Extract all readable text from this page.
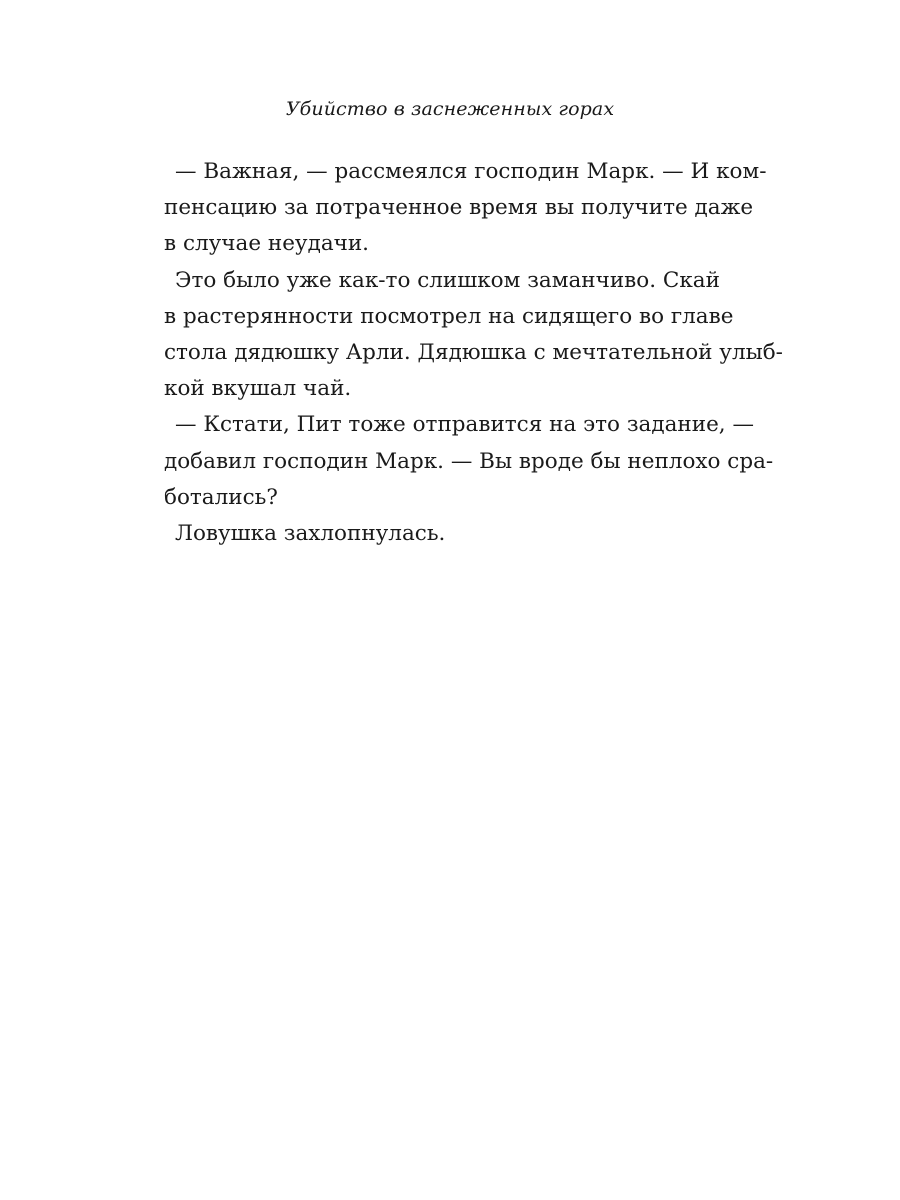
Убийство в заснеженных горах
— Важная, — рассмеялся господин Марк. — И ком-
пенсацию за потраченное время вы получите даже
в случае неудачи.
Это было уже как-то слишком заманчиво. Скай
в растерянности посмотрел на сидящего во главе
стола дядюшку Арли. Дядюшка с мечтательной улыб-
кой вкушал чай.
— Кстати, Пит тоже отправится на это задание, —
добавил господин Марк. — Вы вроде бы неплохо сра-
ботались?
Ловушка захлопнулась.
